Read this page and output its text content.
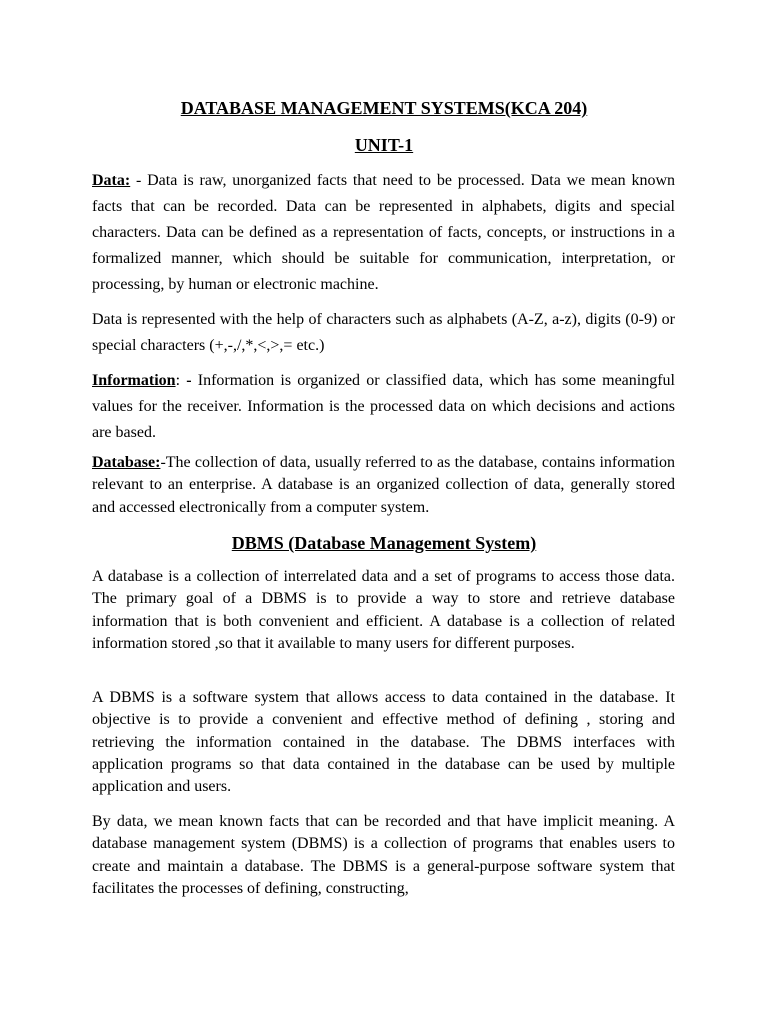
DATABASE MANAGEMENT SYSTEMS(KCA 204)
UNIT-1

Data: - Data is raw, unorganized facts that need to be processed. Data we mean known facts that can be recorded. Data can be represented in alphabets, digits and special characters. Data can be defined as a representation of facts, concepts, or instructions in a formalized manner, which should be suitable for communication, interpretation, or processing, by human or electronic machine.

Data is represented with the help of characters such as alphabets (A-Z, a-z), digits (0-9) or special characters (+,-,/,*,<,>,= etc.)

Information: - Information is organized or classified data, which has some meaningful values for the receiver. Information is the processed data on which decisions and actions are based.

Database:-The collection of data, usually referred to as the database, contains information relevant to an enterprise. A database is an organized collection of data, generally stored and accessed electronically from a computer system.

DBMS (Database Management System)

A database is a collection of interrelated data and a set of programs to access those data. The primary goal of a DBMS is to provide a way to store and retrieve database information that is both convenient and efficient. A database is a collection of related information stored ,so that it available to many users for different purposes.

A DBMS is a software system that allows access to data contained in the database. It objective is to provide a convenient and effective method of defining , storing and retrieving the information contained in the database. The DBMS interfaces with application programs so that data contained in the database can be used by multiple application and users.

By data, we mean known facts that can be recorded and that have implicit meaning. A database management system (DBMS) is a collection of programs that enables users to create and maintain a database. The DBMS is a general-purpose software system that facilitates the processes of defining, constructing,
